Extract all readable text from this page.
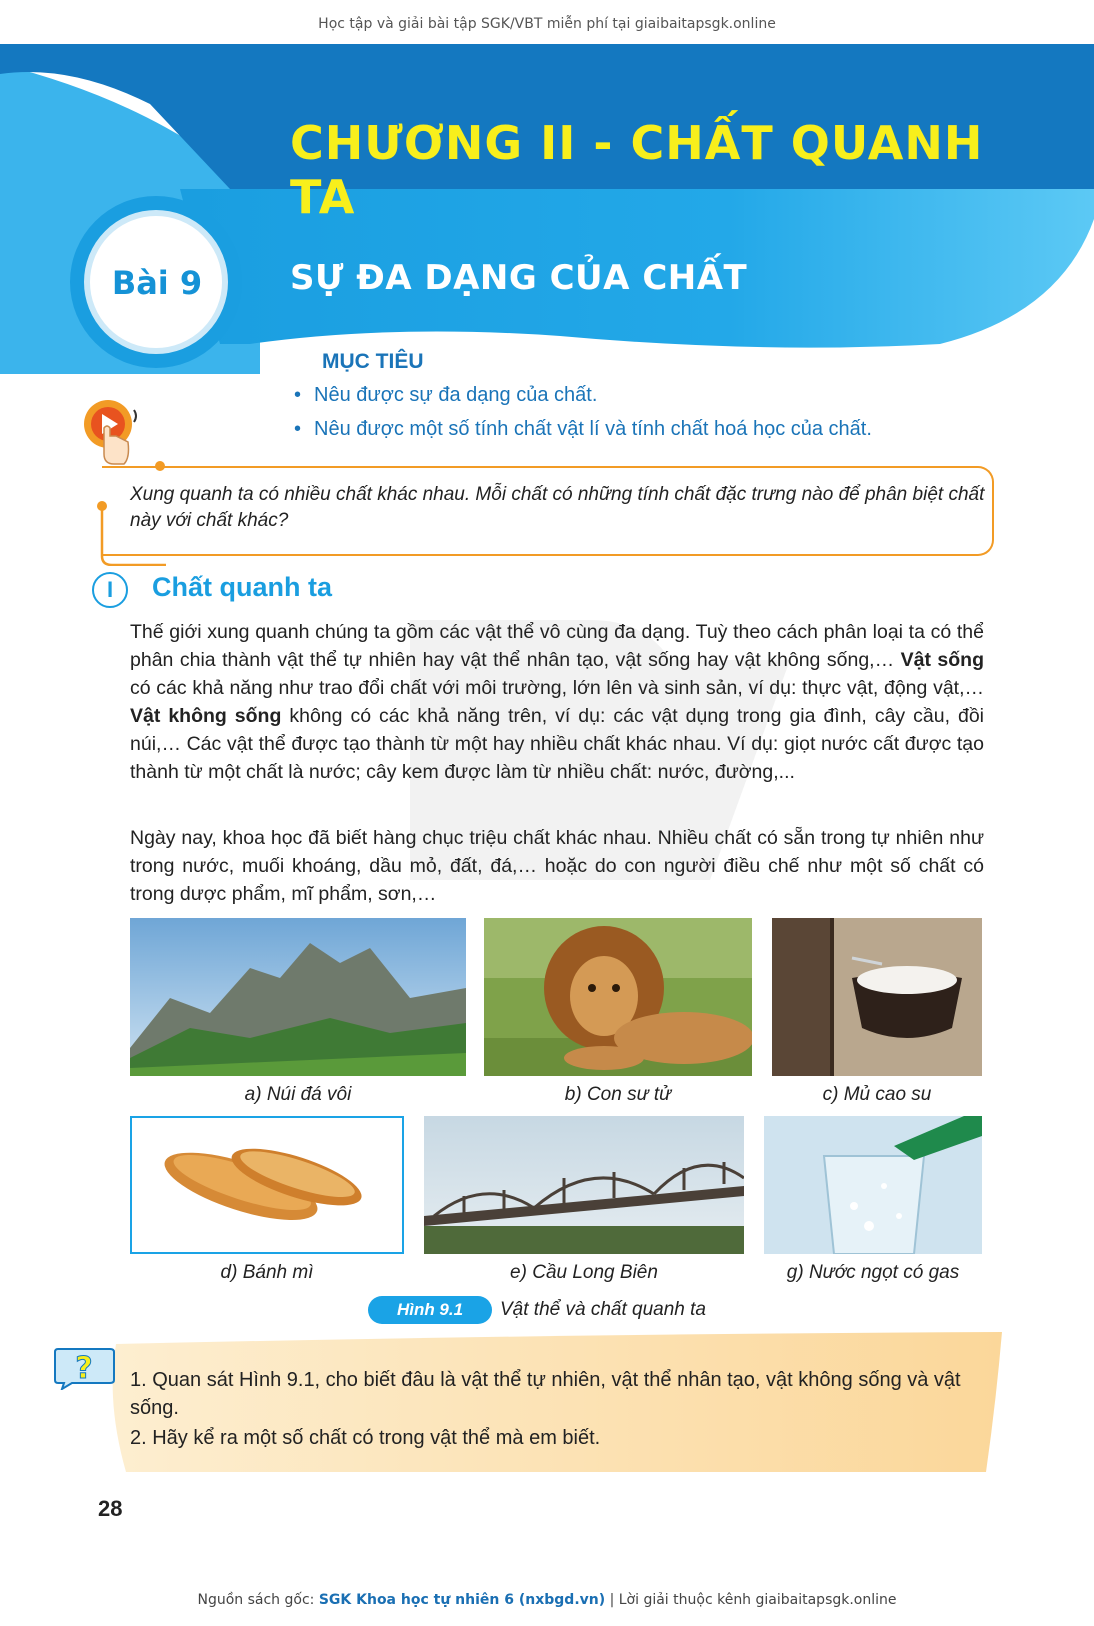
Học tập và giải bài tập SGK/VBT miễn phí tại giaibaitapsgk.online
CHƯƠNG II - CHẤT QUANH TA
Bài 9	SỰ ĐA DẠNG CỦA CHẤT
MỤC TIÊU
• Nêu được sự đa dạng của chất.
• Nêu được một số tính chất vật lí và tính chất hoá học của chất.
Xung quanh ta có nhiều chất khác nhau. Mỗi chất có những tính chất đặc trưng nào để phân biệt chất này với chất khác?
I	Chất quanh ta
Thế giới xung quanh chúng ta gồm các vật thể vô cùng đa dạng. Tuỳ theo cách phân loại ta có thể phân chia thành vật thể tự nhiên hay vật thể nhân tạo, vật sống hay vật không sống,… Vật sống có các khả năng như trao đổi chất với môi trường, lớn lên và sinh sản, ví dụ: thực vật, động vật,… Vật không sống không có các khả năng trên, ví dụ: các vật dụng trong gia đình, cây cầu, đồi núi,… Các vật thể được tạo thành từ một hay nhiều chất khác nhau. Ví dụ: giọt nước cất được tạo thành từ một chất là nước; cây kem được làm từ nhiều chất: nước, đường,...
Ngày nay, khoa học đã biết hàng chục triệu chất khác nhau. Nhiều chất có sẵn trong tự nhiên như trong nước, muối khoáng, dầu mỏ, đất, đá,… hoặc do con người điều chế như một số chất có trong dược phẩm, mĩ phẩm, sơn,…
a) Núi đá vôi	b) Con sư tử	c) Mủ cao su
d) Bánh mì	e) Cầu Long Biên	g) Nước ngọt có gas
Hình 9.1	Vật thể và chất quanh ta
? 1. Quan sát Hình 9.1, cho biết đâu là vật thể tự nhiên, vật thể nhân tạo, vật không sống và vật sống.
2. Hãy kể ra một số chất có trong vật thể mà em biết.
28
Nguồn sách gốc: SGK Khoa học tự nhiên 6 (nxbgd.vn) | Lời giải thuộc kênh giaibaitapsgk.online
